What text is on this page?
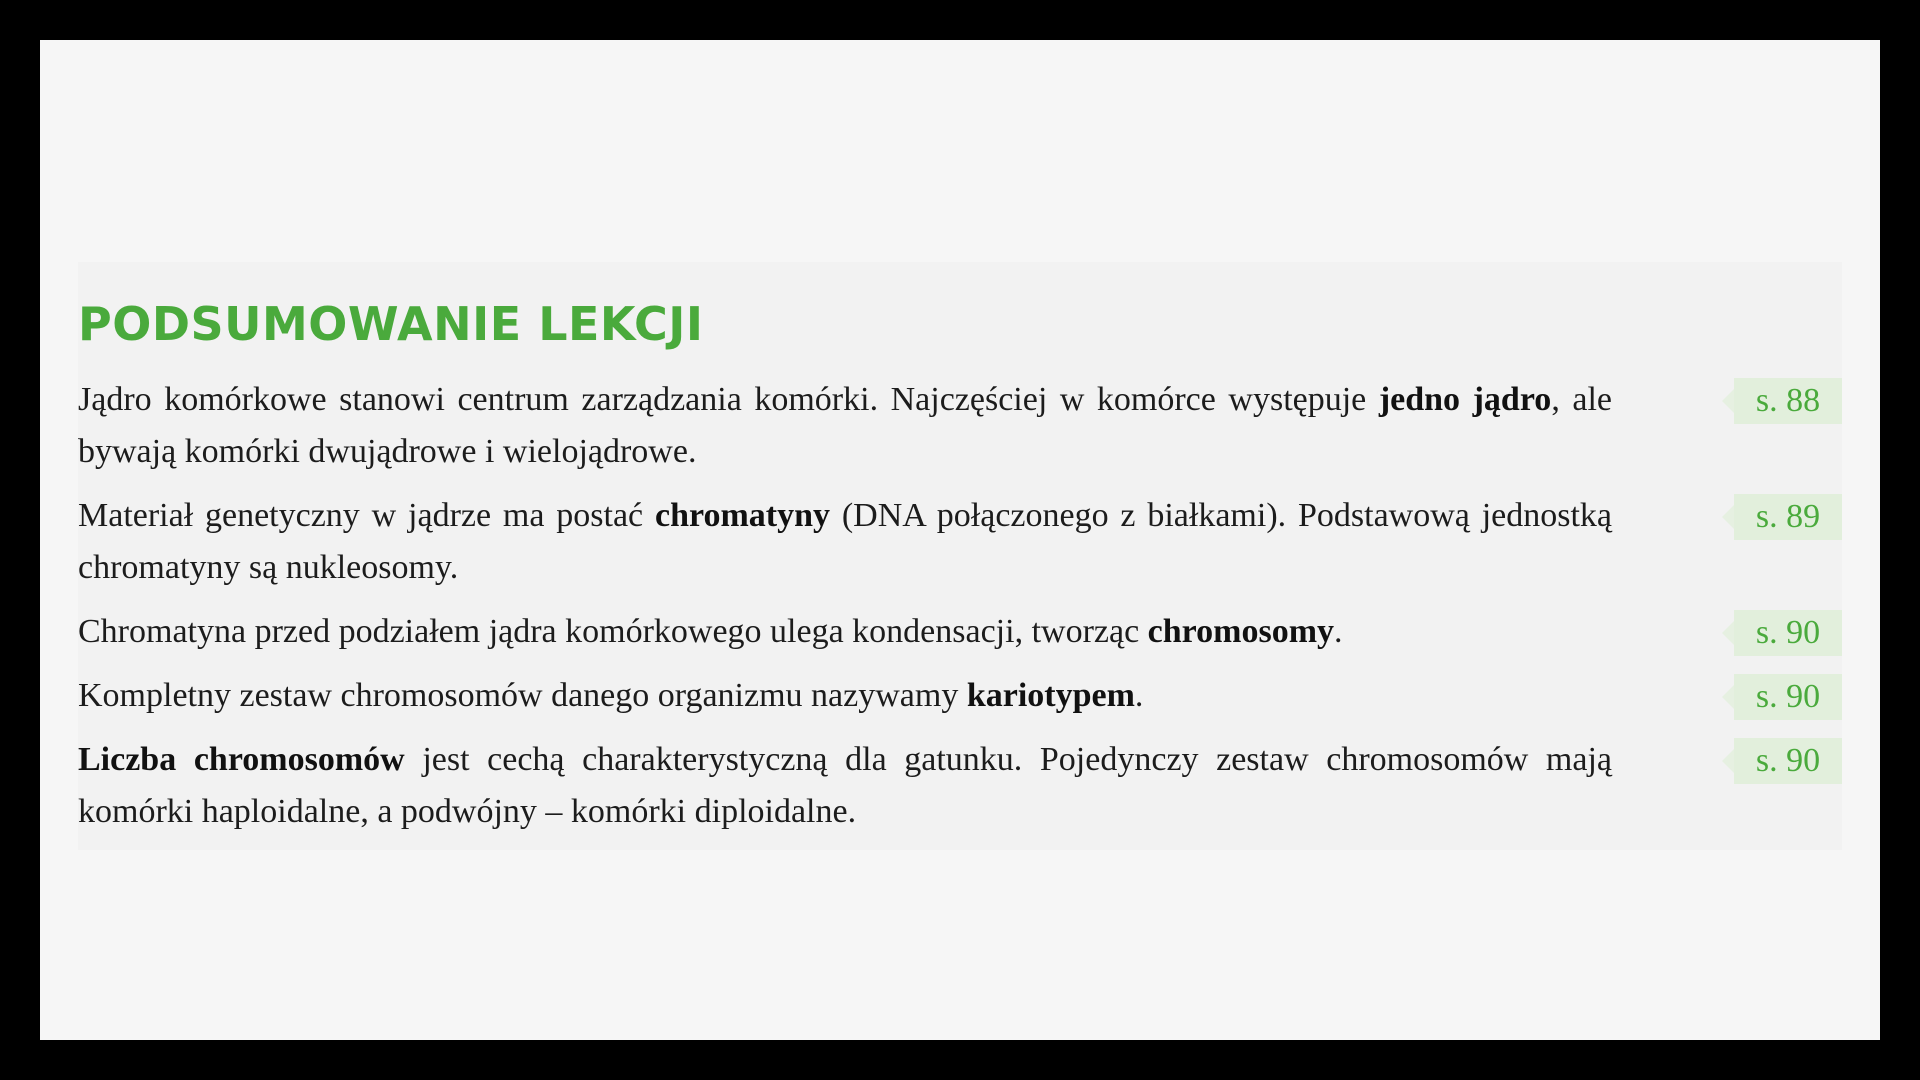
PODSUMOWANIE LEKCJI
Jądro komórkowe stanowi centrum zarządzania komórki. Najczęściej w komórce występuje jedno jądro, ale bywają komórki dwujądrowe i wielojądrowe.
s. 88
Materiał genetyczny w jądrze ma postać chromatyny (DNA połączonego z białkami). Podstawową jednostką chromatyny są nukleosomy.
s. 89
Chromatyna przed podziałem jądra komórkowego ulega kondensacji, tworząc chromosomy.	s. 90
Kompletny zestaw chromosomów danego organizmu nazywamy kariotypem.	s. 90
Liczba chromosomów jest cechą charakterystyczną dla gatunku. Pojedynczy zestaw chromosomów mają komórki haploidalne, a podwójny – komórki diploidalne.
s. 90
